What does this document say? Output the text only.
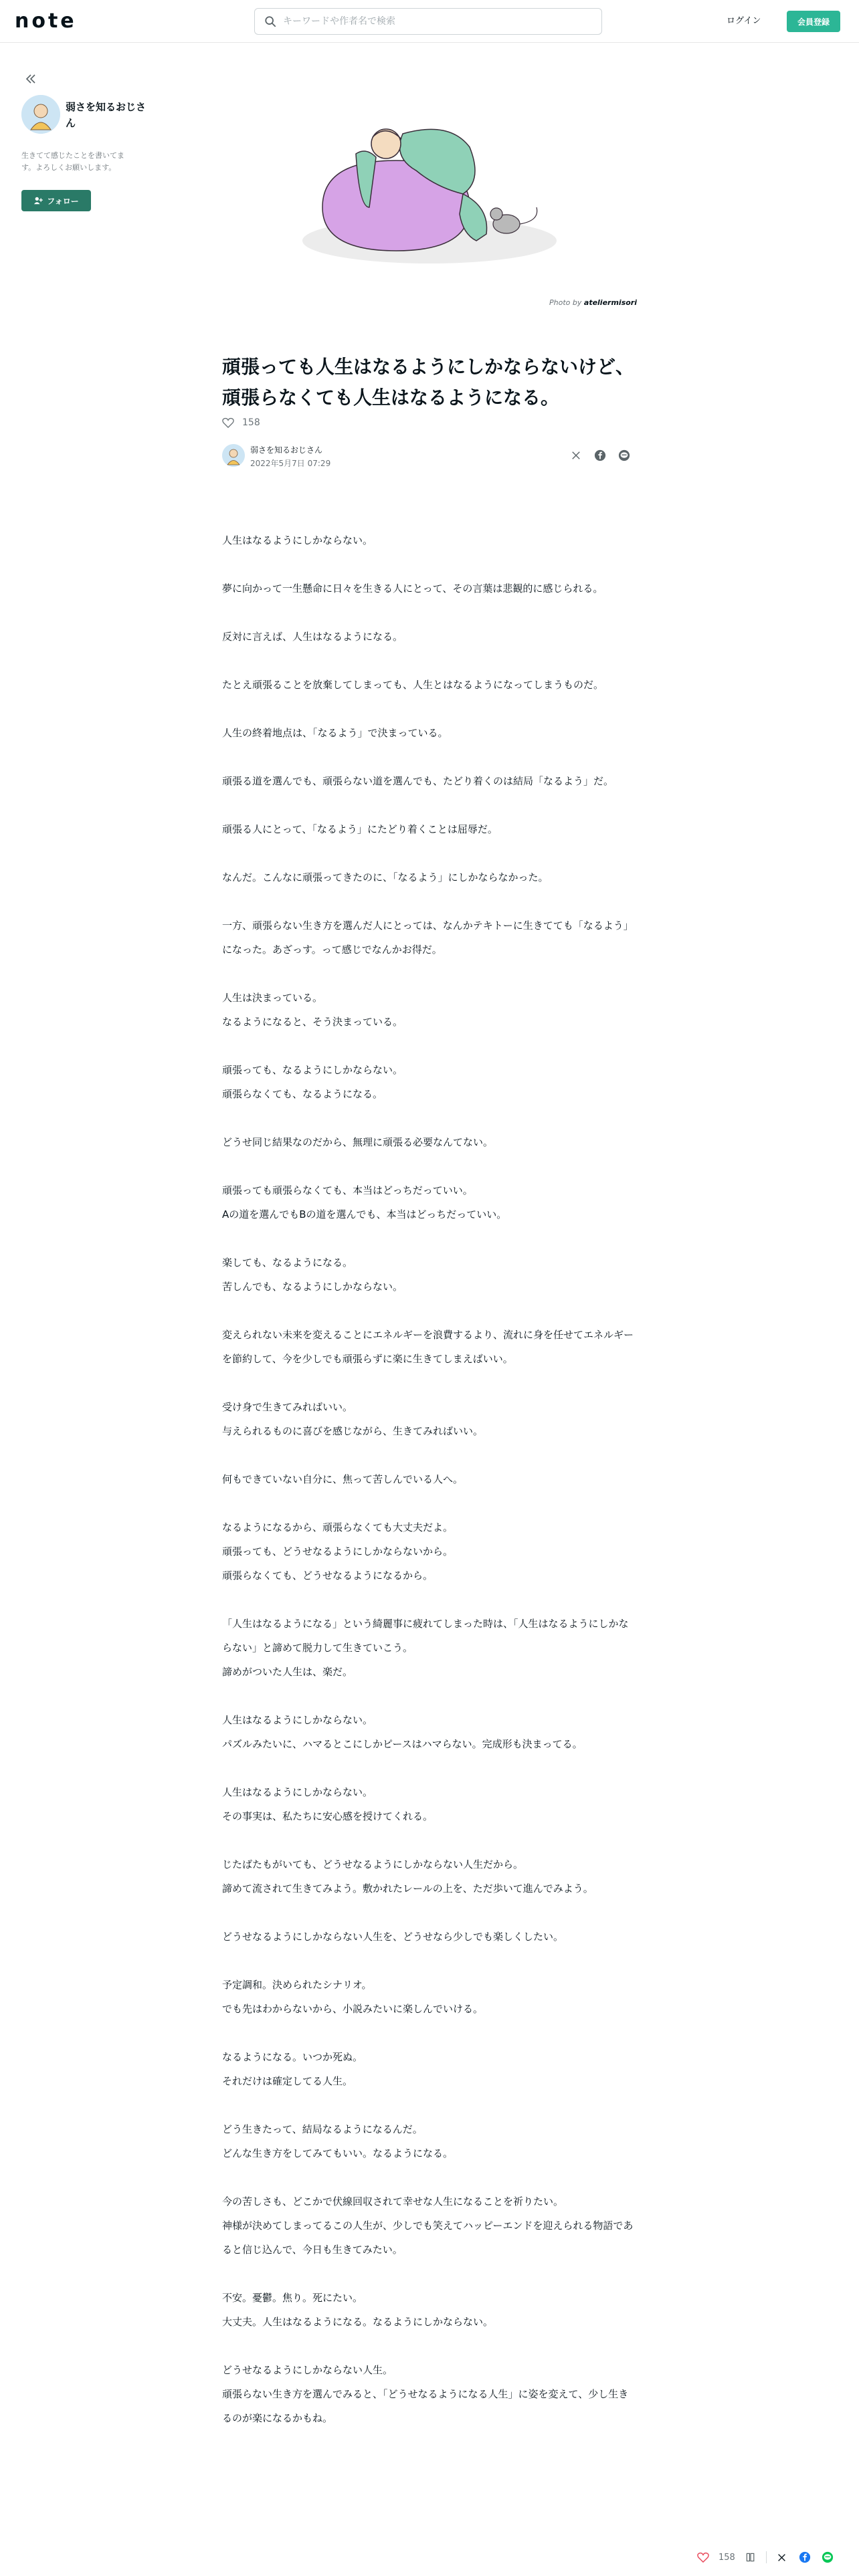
note
キーワードや作者名で検索	ログイン	会員登録
弱さを知るおじさん
生きてて感じたことを書いてます。よろしくお願いします。
フォロー
Photo by ateliermisori
頑張っても人生はなるようにしかならないけど、頑張らなくても人生はなるようになる。
158
弱さを知るおじさん
2022年5月7日 07:29

人生はなるようにしかならない。

夢に向かって一生懸命に日々を生きる人にとって、その言葉は悲観的に感じられる。

反対に言えば、人生はなるようになる。

たとえ頑張ることを放棄してしまっても、人生とはなるようになってしまうものだ。

人生の終着地点は、「なるよう」で決まっている。

頑張る道を選んでも、頑張らない道を選んでも、たどり着くのは結局「なるよう」だ。

頑張る人にとって、「なるよう」にたどり着くことは屈辱だ。

なんだ。こんなに頑張ってきたのに、「なるよう」にしかならなかった。

一方、頑張らない生き方を選んだ人にとっては、なんかテキトーに生きてても「なるよう」になった。あざっす。って感じでなんかお得だ。

人生は決まっている。
なるようになると、そう決まっている。

頑張っても、なるようにしかならない。
頑張らなくても、なるようになる。

どうせ同じ結果なのだから、無理に頑張る必要なんてない。

頑張っても頑張らなくても、本当はどっちだっていい。
Aの道を選んでもBの道を選んでも、本当はどっちだっていい。

楽しても、なるようになる。
苦しんでも、なるようにしかならない。

変えられない未来を変えることにエネルギーを浪費するより、流れに身を任せてエネルギーを節約して、今を少しでも頑張らずに楽に生きてしまえばいい。

受け身で生きてみればいい。
与えられるものに喜びを感じながら、生きてみればいい。

何もできていない自分に、焦って苦しんでいる人へ。

なるようになるから、頑張らなくても大丈夫だよ。
頑張っても、どうせなるようにしかならないから。
頑張らなくても、どうせなるようになるから。

「人生はなるようになる」という綺麗事に疲れてしまった時は、「人生はなるようにしかならない」と諦めて脱力して生きていこう。
諦めがついた人生は、楽だ。

人生はなるようにしかならない。
パズルみたいに、ハマるとこにしかピースはハマらない。完成形も決まってる。

人生はなるようにしかならない。
その事実は、私たちに安心感を授けてくれる。

じたばたもがいても、どうせなるようにしかならない人生だから。
諦めて流されて生きてみよう。敷かれたレールの上を、ただ歩いて進んでみよう。

どうせなるようにしかならない人生を、どうせなら少しでも楽しくしたい。

予定調和。決められたシナリオ。
でも先はわからないから、小説みたいに楽しんでいける。

なるようになる。いつか死ぬ。
それだけは確定してる人生。

どう生きたって、結局なるようになるんだ。
どんな生き方をしてみてもいい。なるようになる。

今の苦しさも、どこかで伏線回収されて幸せな人生になることを祈りたい。
神様が決めてしまってるこの人生が、少しでも笑えてハッピーエンドを迎えられる物語であると信じ込んで、今日も生きてみたい。

不安。憂鬱。焦り。死にたい。
大丈夫。人生はなるようになる。なるようにしかならない。

どうせなるようにしかならない人生。
頑張らない生き方を選んでみると、「どうせなるようになる人生」に姿を変えて、少し生きるのが楽になるかもね。

158
